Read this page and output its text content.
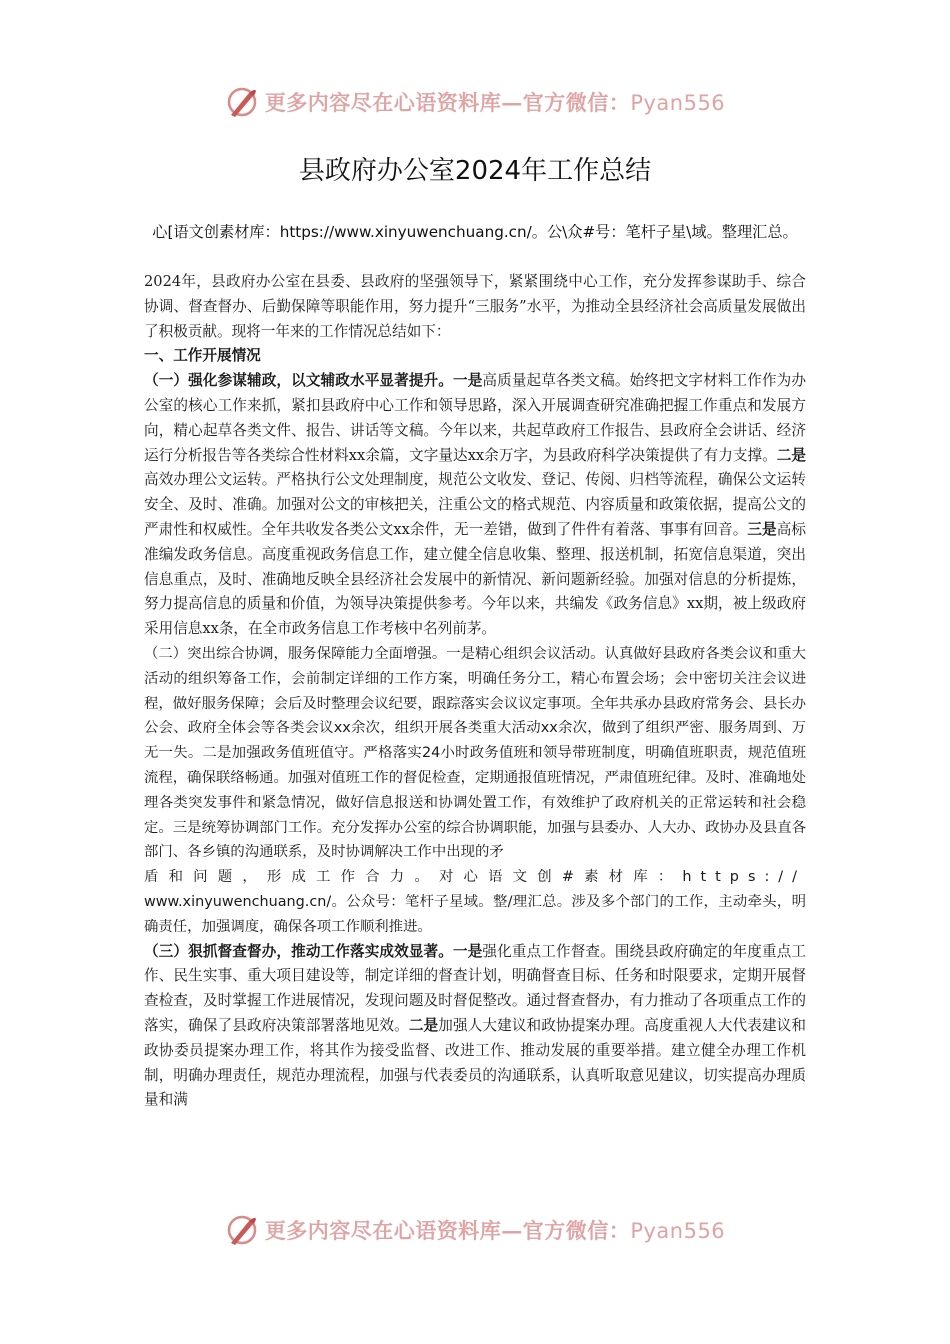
更多内容尽在心语资料库—官方微信：Pyan556
县政府办公室2024年工作总结
心[语文创素材库：https://www.xinyuwenchuang.cn/。公\众#号：笔杆子星\域。整理汇总。

2024年，县政府办公室在县委、县政府的坚强领导下，紧紧围绕中心工作，充分发挥参谋助手、综合协调、督查督办、后勤保障等职能作用，努力提升“三服务”水平，为推动全县经济社会高质量发展做出了积极贡献。现将一年来的工作情况总结如下：

一、工作开展情况

（一）强化参谋辅政，以文辅政水平显著提升。一是高质量起草各类文稿。始终把文字材料工作作为办公室的核心工作来抓，紧扣县政府中心工作和领导思路，深入开展调查研究准确把握工作重点和发展方向，精心起草各类文件、报告、讲话等文稿。今年以来，共起草政府工作报告、县政府全会讲话、经济运行分析报告等各类综合性材料xx余篇，文字量达xx余万字，为县政府科学决策提供了有力支撑。二是高效办理公文运转。严格执行公文处理制度，规范公文收发、登记、传阅、归档等流程，确保公文运转安全、及时、准确。加强对公文的审核把关，注重公文的格式规范、内容质量和政策依据，提高公文的严肃性和权威性。全年共收发各类公文xx余件，无一差错，做到了件件有着落、事事有回音。三是高标准编发政务信息。高度重视政务信息工作，建立健全信息收集、整理、报送机制，拓宽信息渠道，突出信息重点，及时、准确地反映全县经济社会发展中的新情况、新问题新经验。加强对信息的分析提炼，努力提高信息的质量和价值，为领导决策提供参考。今年以来，共编发《政务信息》xx期，被上级政府采用信息xx条，在全市政务信息工作考核中名列前茅。

（二）突出综合协调，服务保障能力全面增强。一是精心组织会议活动。认真做好县政府各类会议和重大活动的组织筹备工作，会前制定详细的工作方案，明确任务分工，精心布置会场；会中密切关注会议进程，做好服务保障；会后及时整理会议纪要，跟踪落实会议议定事项。全年共承办县政府常务会、县长办公会、政府全体会等各类会议xx余次，组织开展各类重大活动xx余次，做到了组织严密、服务周到、万无一失。二是加强政务值班值守。严格落实24小时政务值班和领导带班制度，明确值班职责，规范值班流程，确保联络畅通。加强对值班工作的督促检查，定期通报值班情况，严肃值班纪律。及时、准确地处理各类突发事件和紧急情况，做好信息报送和协调处置工作，有效维护了政府机关的正常运转和社会稳定。三是统筹协调部门工作。充分发挥办公室的综合协调职能，加强与县委办、人大办、政协办及县直各部门、各乡镇的沟通联系，及时协调解决工作中出现的矛
盾和问题，形成工作合力。对心语文创#素材库：https://
www.xinyuwenchuang.cn/。公众号：笔杆子星域。整/理汇总。涉及多个部门的工作，主动牵头，明确责任，加强调度，确保各项工作顺利推进。

（三）狠抓督查督办，推动工作落实成效显著。一是强化重点工作督查。围绕县政府确定的年度重点工作、民生实事、重大项目建设等，制定详细的督查计划，明确督查目标、任务和时限要求，定期开展督查检查，及时掌握工作进展情况，发现问题及时督促整改。通过督查督办，有力推动了各项重点工作的落实，确保了县政府决策部署落地见效。二是加强人大建议和政协提案办理。高度重视人大代表建议和政协委员提案办理工作，将其作为接受监督、改进工作、推动发展的重要举措。建立健全办理工作机制，明确办理责任，规范办理流程，加强与代表委员的沟通联系，认真听取意见建议，切实提高办理质量和满

更多内容尽在心语资料库—官方微信：Pyan556
